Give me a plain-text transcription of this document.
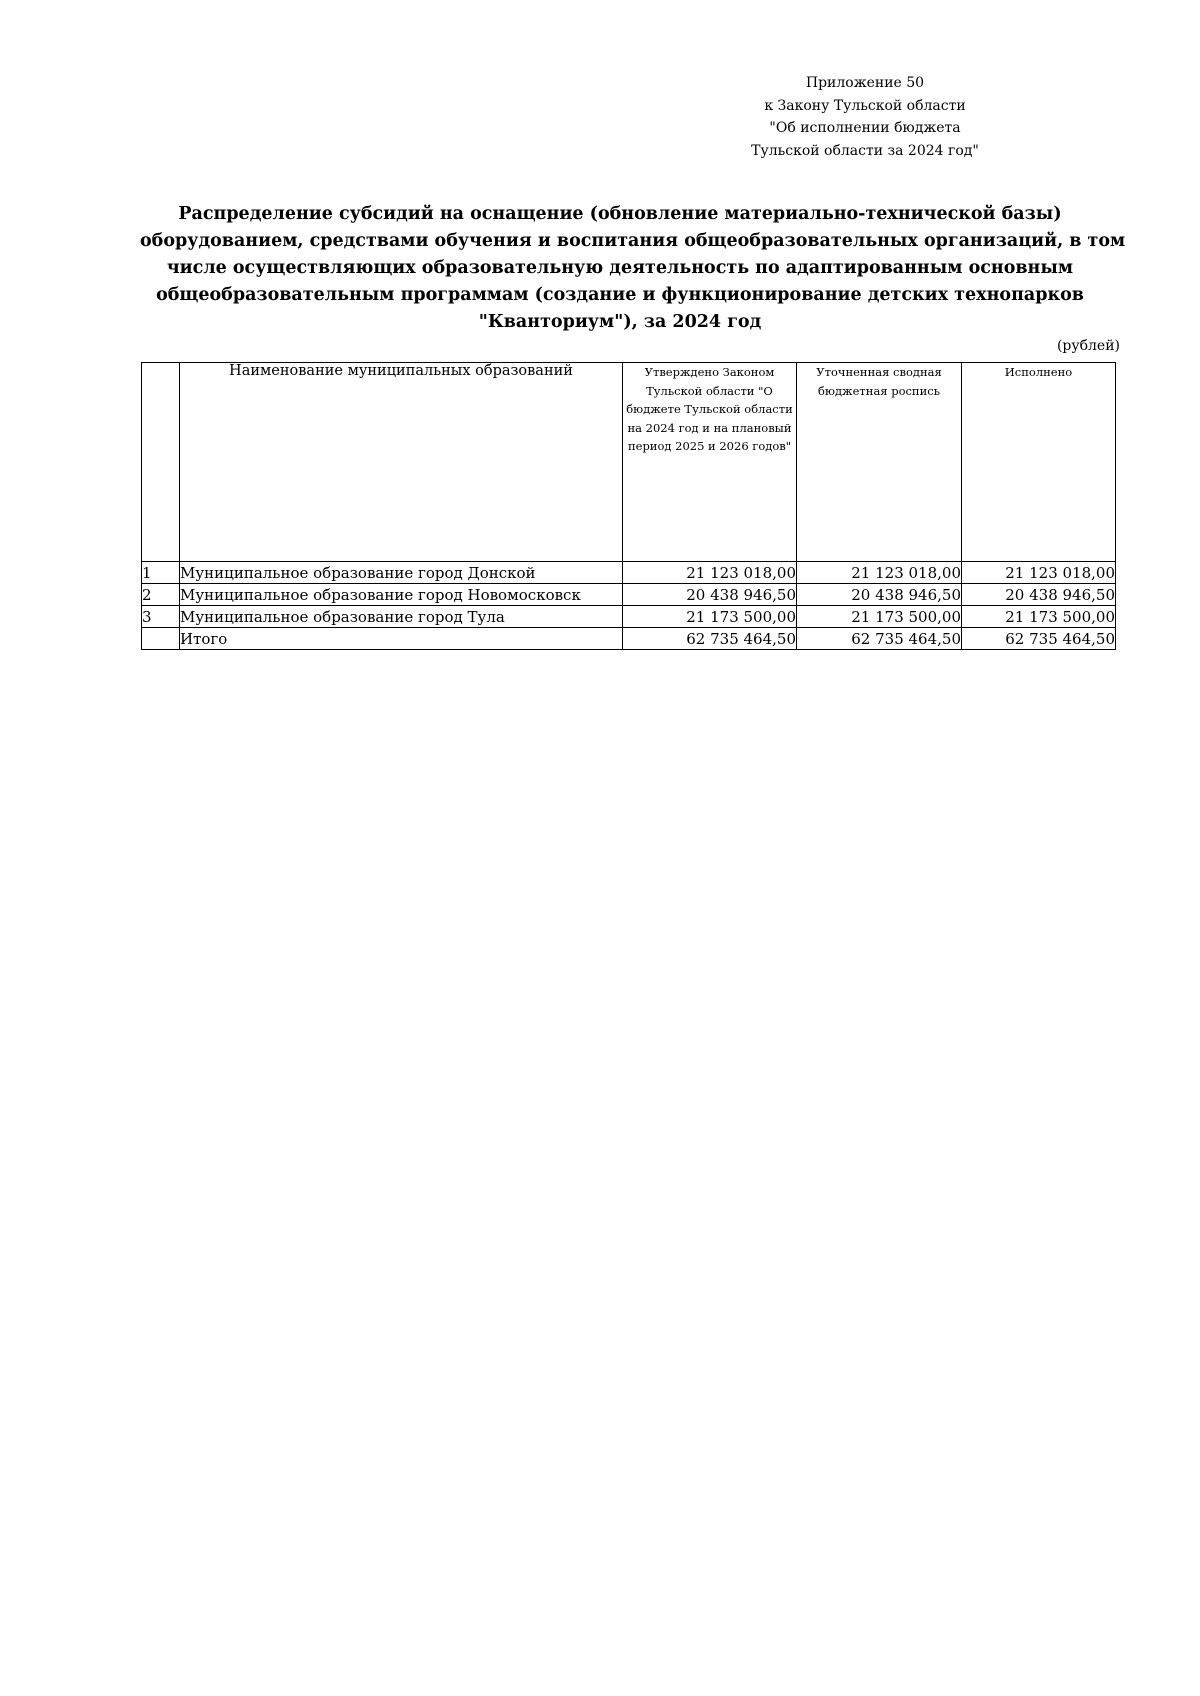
Приложение 50
к Закону Тульской области
"Об исполнении бюджета
Тульской области за 2024 год"
Распределение субсидий на оснащение (обновление материально-технической базы)
оборудованием, средствами обучения и воспитания общеобразовательных организаций, в том
числе осуществляющих образовательную деятельность по адаптированным основным
общеобразовательным программам (создание и функционирование детских технопарков
"Кванториум"), за 2024 год
(рублей)
	Наименование муниципальных образований	Утверждено Законом Тульской области "О бюджете Тульской области на 2024 год и на плановый период 2025 и 2026 годов"	Уточненная сводная бюджетная роспись	Исполнено
1	Муниципальное образование город Донской	21 123 018,00	21 123 018,00	21 123 018,00
2	Муниципальное образование город Новомосковск	20 438 946,50	20 438 946,50	20 438 946,50
3	Муниципальное образование город Тула	21 173 500,00	21 173 500,00	21 173 500,00
	Итого	62 735 464,50	62 735 464,50	62 735 464,50
